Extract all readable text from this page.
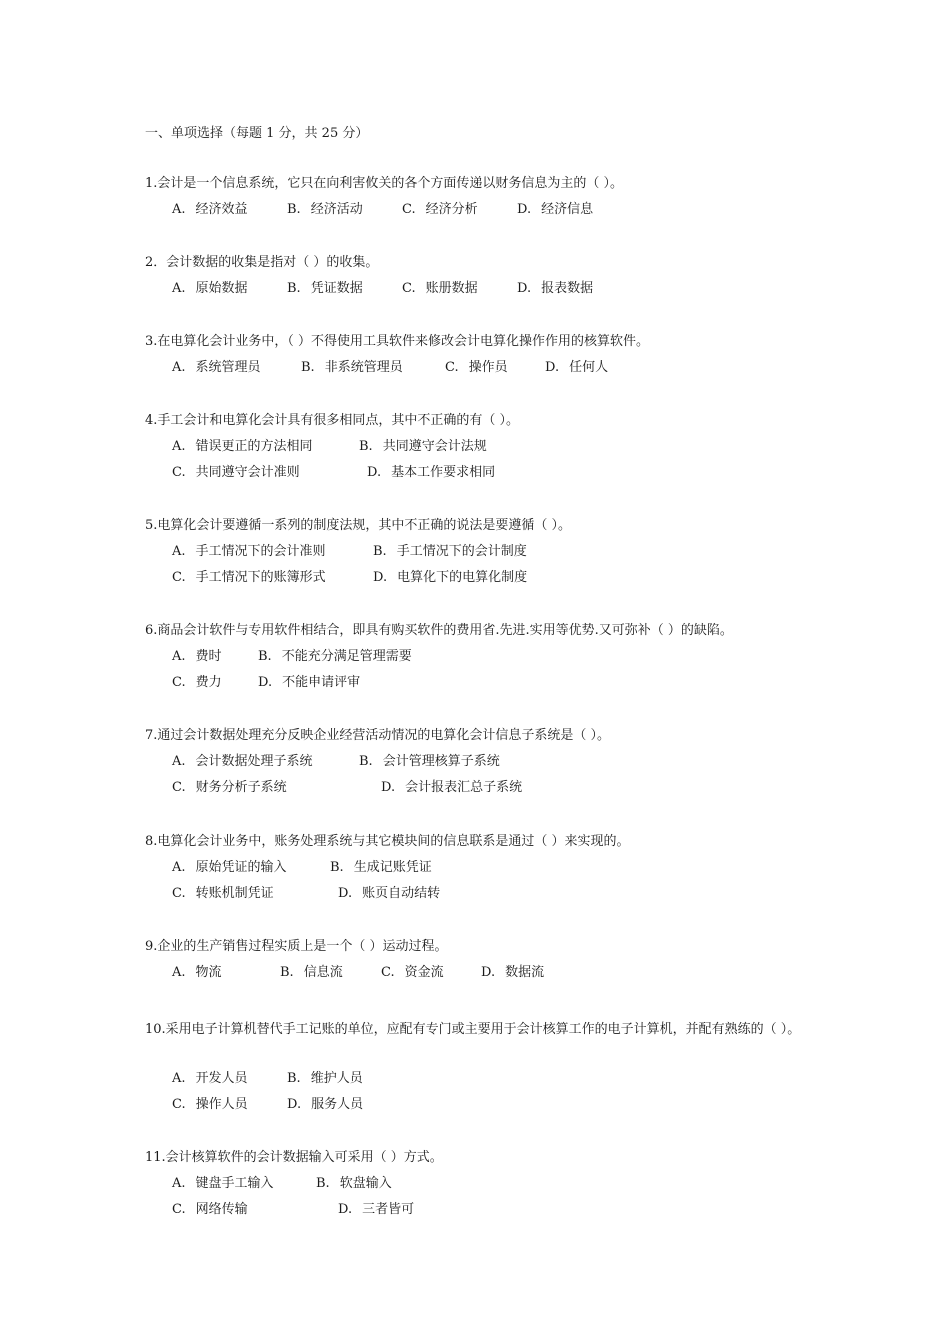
一、单项选择（每题 1 分，共 25 分）
1.会计是一个信息系统，它只在向利害攸关的各个方面传递以财务信息为主的（ ）。
A. 经济效益	B. 经济活动	C. 经济分析	D. 经济信息
2．会计数据的收集是指对（ ）的收集。
A. 原始数据	B. 凭证数据	C. 账册数据	D. 报表数据
3.在电算化会计业务中，（ ）不得使用工具软件来修改会计电算化操作作用的核算软件。
A. 系统管理员	B. 非系统管理员	C. 操作员	D. 任何人
4.手工会计和电算化会计具有很多相同点，其中不正确的有（ ）。
A. 错误更正的方法相同	B. 共同遵守会计法规
C. 共同遵守会计准则	D. 基本工作要求相同
5.电算化会计要遵循一系列的制度法规，其中不正确的说法是要遵循（ ）。
A. 手工情况下的会计准则	B. 手工情况下的会计制度
C. 手工情况下的账簿形式	D. 电算化下的电算化制度
6.商品会计软件与专用软件相结合，即具有购买软件的费用省.先进.实用等优势.又可弥补（ ）的缺陷。
A. 费时	B. 不能充分满足管理需要
C. 费力	D. 不能申请评审
7.通过会计数据处理充分反映企业经营活动情况的电算化会计信息子系统是（ ）。
A. 会计数据处理子系统	B. 会计管理核算子系统
C. 财务分析子系统	D. 会计报表汇总子系统
8.电算化会计业务中，账务处理系统与其它模块间的信息联系是通过（ ）来实现的。
A. 原始凭证的输入	B. 生成记账凭证
C. 转账机制凭证	D. 账页自动结转
9.企业的生产销售过程实质上是一个（ ）运动过程。
A. 物流	B. 信息流	C. 资金流	D. 数据流
10.采用电子计算机替代手工记账的单位，应配有专门或主要用于会计核算工作的电子计算机，并配有熟练的（ ）。
A. 开发人员	B. 维护人员
C. 操作人员	D. 服务人员
11.会计核算软件的会计数据输入可采用（ ）方式。
A. 键盘手工输入	B. 软盘输入
C. 网络传输	D. 三者皆可
